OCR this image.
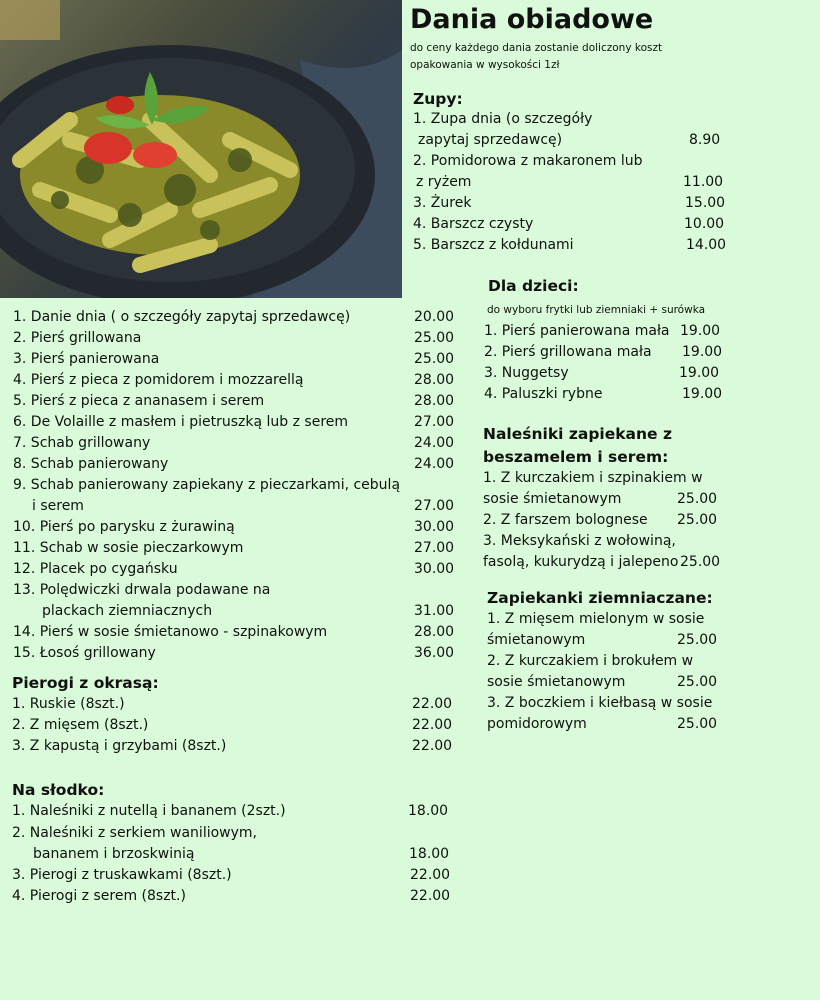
Dania obiadowe
do ceny każdego dania zostanie doliczony koszt
opakowania w wysokości 1zł
Zupy:
1. Zupa dnia (o szczegóły
zapytaj sprzedawcę)	8.90
2. Pomidorowa z makaronem lub
z ryżem	11.00
3. Żurek	15.00
4. Barszcz czysty	10.00
5. Barszcz z kołdunami	14.00
1. Danie dnia ( o szczegóły zapytaj sprzedawcę)	20.00
2. Pierś grillowana	25.00
3. Pierś panierowana	25.00
4. Pierś z pieca z pomidorem i mozzarellą	28.00
5. Pierś z pieca z ananasem i serem	28.00
6. De Volaille z masłem i pietruszką lub z serem	27.00
7. Schab grillowany	24.00
8. Schab panierowany	24.00
9. Schab panierowany zapiekany z pieczarkami, cebulą
i serem	27.00
10. Pierś po parysku z żurawiną	30.00
11. Schab w sosie pieczarkowym	27.00
12. Placek po cygańsku	30.00
13. Polędwiczki drwala podawane na
plackach ziemniacznych	31.00
14. Pierś w sosie śmietanowo - szpinakowym	28.00
15. Łosoś grillowany	36.00
Pierogi z okrasą:
1. Ruskie (8szt.)	22.00
2. Z mięsem (8szt.)	22.00
3. Z kapustą i grzybami (8szt.)	22.00
Na słodko:
1. Naleśniki z nutellą i bananem (2szt.)	18.00
2. Naleśniki z serkiem waniliowym,
bananem i brzoskwinią	18.00
3. Pierogi z truskawkami (8szt.)	22.00
4. Pierogi z serem (8szt.)	22.00
Dla dzieci:
do wyboru frytki lub ziemniaki + surówka
1. Pierś panierowana mała 19.00
2. Pierś grillowana mała 19.00
3. Nuggetsy	19.00
4. Paluszki rybne	19.00
Naleśniki zapiekane z
beszamelem i serem:
1. Z kurczakiem i szpinakiem w
sosie śmietanowym	25.00
2. Z farszem bolognese 25.00
3. Meksykański z wołowiną,
fasolą, kukurydzą i jalepeno 25.00
Zapiekanki ziemniaczane:
1. Z mięsem mielonym w sosie
śmietanowym	25.00
2. Z kurczakiem i brokułem w
sosie śmietanowym	25.00
3. Z boczkiem i kiełbasą w sosie
pomidorowym	25.00
